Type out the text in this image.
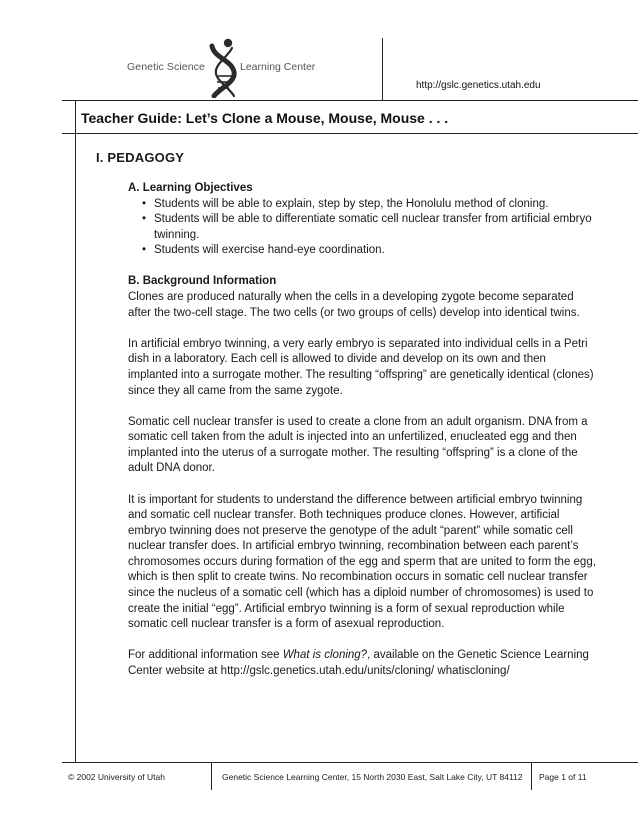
Genetic Science	Learning Center
http://gslc.genetics.utah.edu
Teacher Guide: Let’s Clone a Mouse, Mouse, Mouse . . .
I. PEDAGOGY

A. Learning Objectives

• Students will be able to explain, step by step, the Honolulu method of cloning.
• Students will be able to differentiate somatic cell nuclear transfer from artificial embryo twinning.
• Students will exercise hand-eye coordination.

B. Background Information

Clones are produced naturally when the cells in a developing zygote become separated after the two-cell stage. The two cells (or two groups of cells) develop into identical twins.

In artificial embryo twinning, a very early embryo is separated into individual cells in a Petri dish in a laboratory. Each cell is allowed to divide and develop on its own and then implanted into a surrogate mother. The resulting “offspring” are genetically identical (clones) since they all came from the same zygote.

Somatic cell nuclear transfer is used to create a clone from an adult organism. DNA from a somatic cell taken from the adult is injected into an unfertilized, enucleated egg and then implanted into the uterus of a surrogate mother. The resulting “offspring” is a clone of the adult DNA donor.

It is important for students to understand the difference between artificial embryo twinning and somatic cell nuclear transfer. Both techniques produce clones. However, artificial embryo twinning does not preserve the genotype of the adult “parent” while somatic cell nuclear transfer does. In artificial embryo twinning, recombination between each parent’s chromosomes occurs during formation of the egg and sperm that are united to form the egg, which is then split to create twins. No recombination occurs in somatic cell nuclear transfer since the nucleus of a somatic cell (which has a diploid number of chromosomes) is used to create the initial “egg”. Artificial embryo twinning is a form of sexual reproduction while somatic cell nuclear transfer is a form of asexual reproduction.

For additional information see What is cloning?, available on the Genetic Science Learning Center website at http://gslc.genetics.utah.edu/units/cloning/ whatiscloning/

© 2002 University of Utah	Genetic Science Learning Center, 15 North 2030 East, Salt Lake City, UT 84112 Page 1 of 11
